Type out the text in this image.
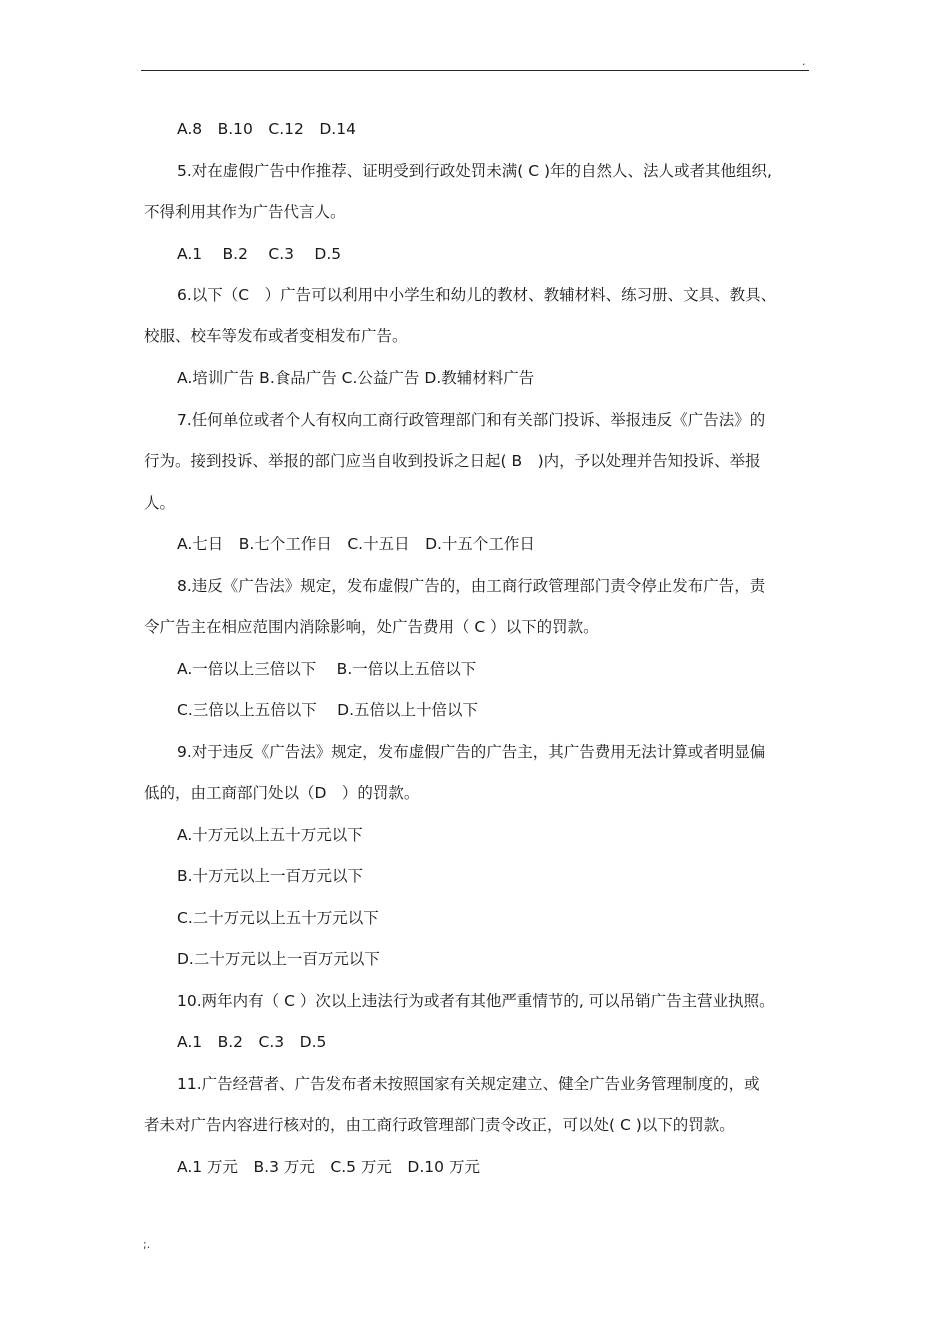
.
A.8　B.10　C.12　D.14
5.对在虚假广告中作推荐、证明受到行政处罚未满( C )年的自然人、法人或者其他组织,
不得利用其作为广告代言人。
A.1　 B.2　 C.3　 D.5
6.以下（C　）广告可以利用中小学生和幼儿的教材、教辅材料、练习册、文具、教具、
校服、校车等发布或者变相发布广告。
A.培训广告 B.食品广告 C.公益广告 D.教辅材料广告
7.任何单位或者个人有权向工商行政管理部门和有关部门投诉、举报违反《广告法》的
行为。接到投诉、举报的部门应当自收到投诉之日起( B　)内，予以处理并告知投诉、举报
人。
A.七日　B.七个工作日　C.十五日　D.十五个工作日
8.违反《广告法》规定，发布虚假广告的，由工商行政管理部门责令停止发布广告，责
令广告主在相应范围内消除影响，处广告费用（ C ）以下的罚款。
A.一倍以上三倍以下　 B.一倍以上五倍以下
C.三倍以上五倍以下　 D.五倍以上十倍以下
9.对于违反《广告法》规定，发布虚假广告的广告主，其广告费用无法计算或者明显偏
低的，由工商部门处以（D　）的罚款。
A.十万元以上五十万元以下
B.十万元以上一百万元以下
C.二十万元以上五十万元以下
D.二十万元以上一百万元以下
10.两年内有（ C ）次以上违法行为或者有其他严重情节的, 可以吊销广告主营业执照。
A.1　B.2　C.3　D.5
11.广告经营者、广告发布者未按照国家有关规定建立、健全广告业务管理制度的，或
者未对广告内容进行核对的，由工商行政管理部门责令改正，可以处( C )以下的罚款。
A.1 万元　B.3 万元　C.5 万元　D.10 万元
;.
